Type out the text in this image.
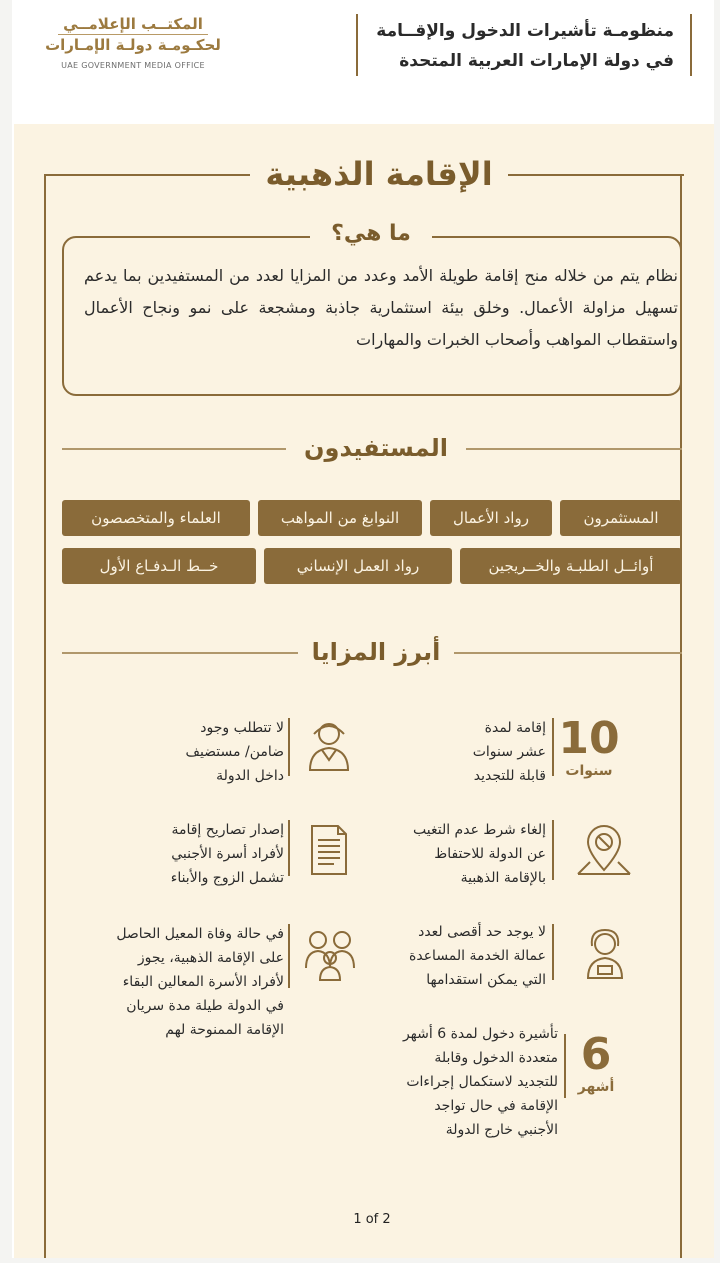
منظومـة تأشيرات الدخول والإقــامة
في دولة الإمارات العربية المتحدة
المكتــب الإعلامــي
لحكـومـة دولـة الإمـارات
UAE GOVERNMENT MEDIA OFFICE
الإقامة الذهبية
ما هي؟
نظام يتم من خلاله منح إقامة طويلة الأمد وعدد من المزايا لعدد من المستفيدين بما يدعم تسهيل مزاولة الأعمال. وخلق بيئة استثمارية جاذبة ومشجعة على نمو ونجاح الأعمال واستقطاب المواهب وأصحاب الخبرات والمهارات
المستفيدون
المستثمرون
رواد الأعمال
النوابغ من المواهب
العلماء والمتخصصون
أوائــل الطلبـة والخــريجين
رواد العمل الإنساني
خــط الـدفـاع الأول
أبرز المزايا
10
سنوات
إقامة لمدة
عشر سنوات
قابلة للتجديد
لا تتطلب وجود
ضامن/ مستضيف
داخل الدولة
إلغاء شرط عدم التغيب
عن الدولة للاحتفاظ
بالإقامة الذهبية
إصدار تصاريح إقامة
لأفراد أسرة الأجنبي
تشمل الزوج والأبناء
لا يوجد حد أقصى لعدد
عمالة الخدمة المساعدة
التي يمكن استقدامها
في حالة وفاة المعيل الحاصل
على الإقامة الذهبية، يجوز
لأفراد الأسرة المعالين البقاء
في الدولة طيلة مدة سريان
الإقامة الممنوحة لهم	6
أشهر
تأشيرة دخول لمدة 6 أشهر
متعددة الدخول وقابلة
للتجديد لاستكمال إجراءات
الإقامة في حال تواجد
الأجنبي خارج الدولة
1 of 2
